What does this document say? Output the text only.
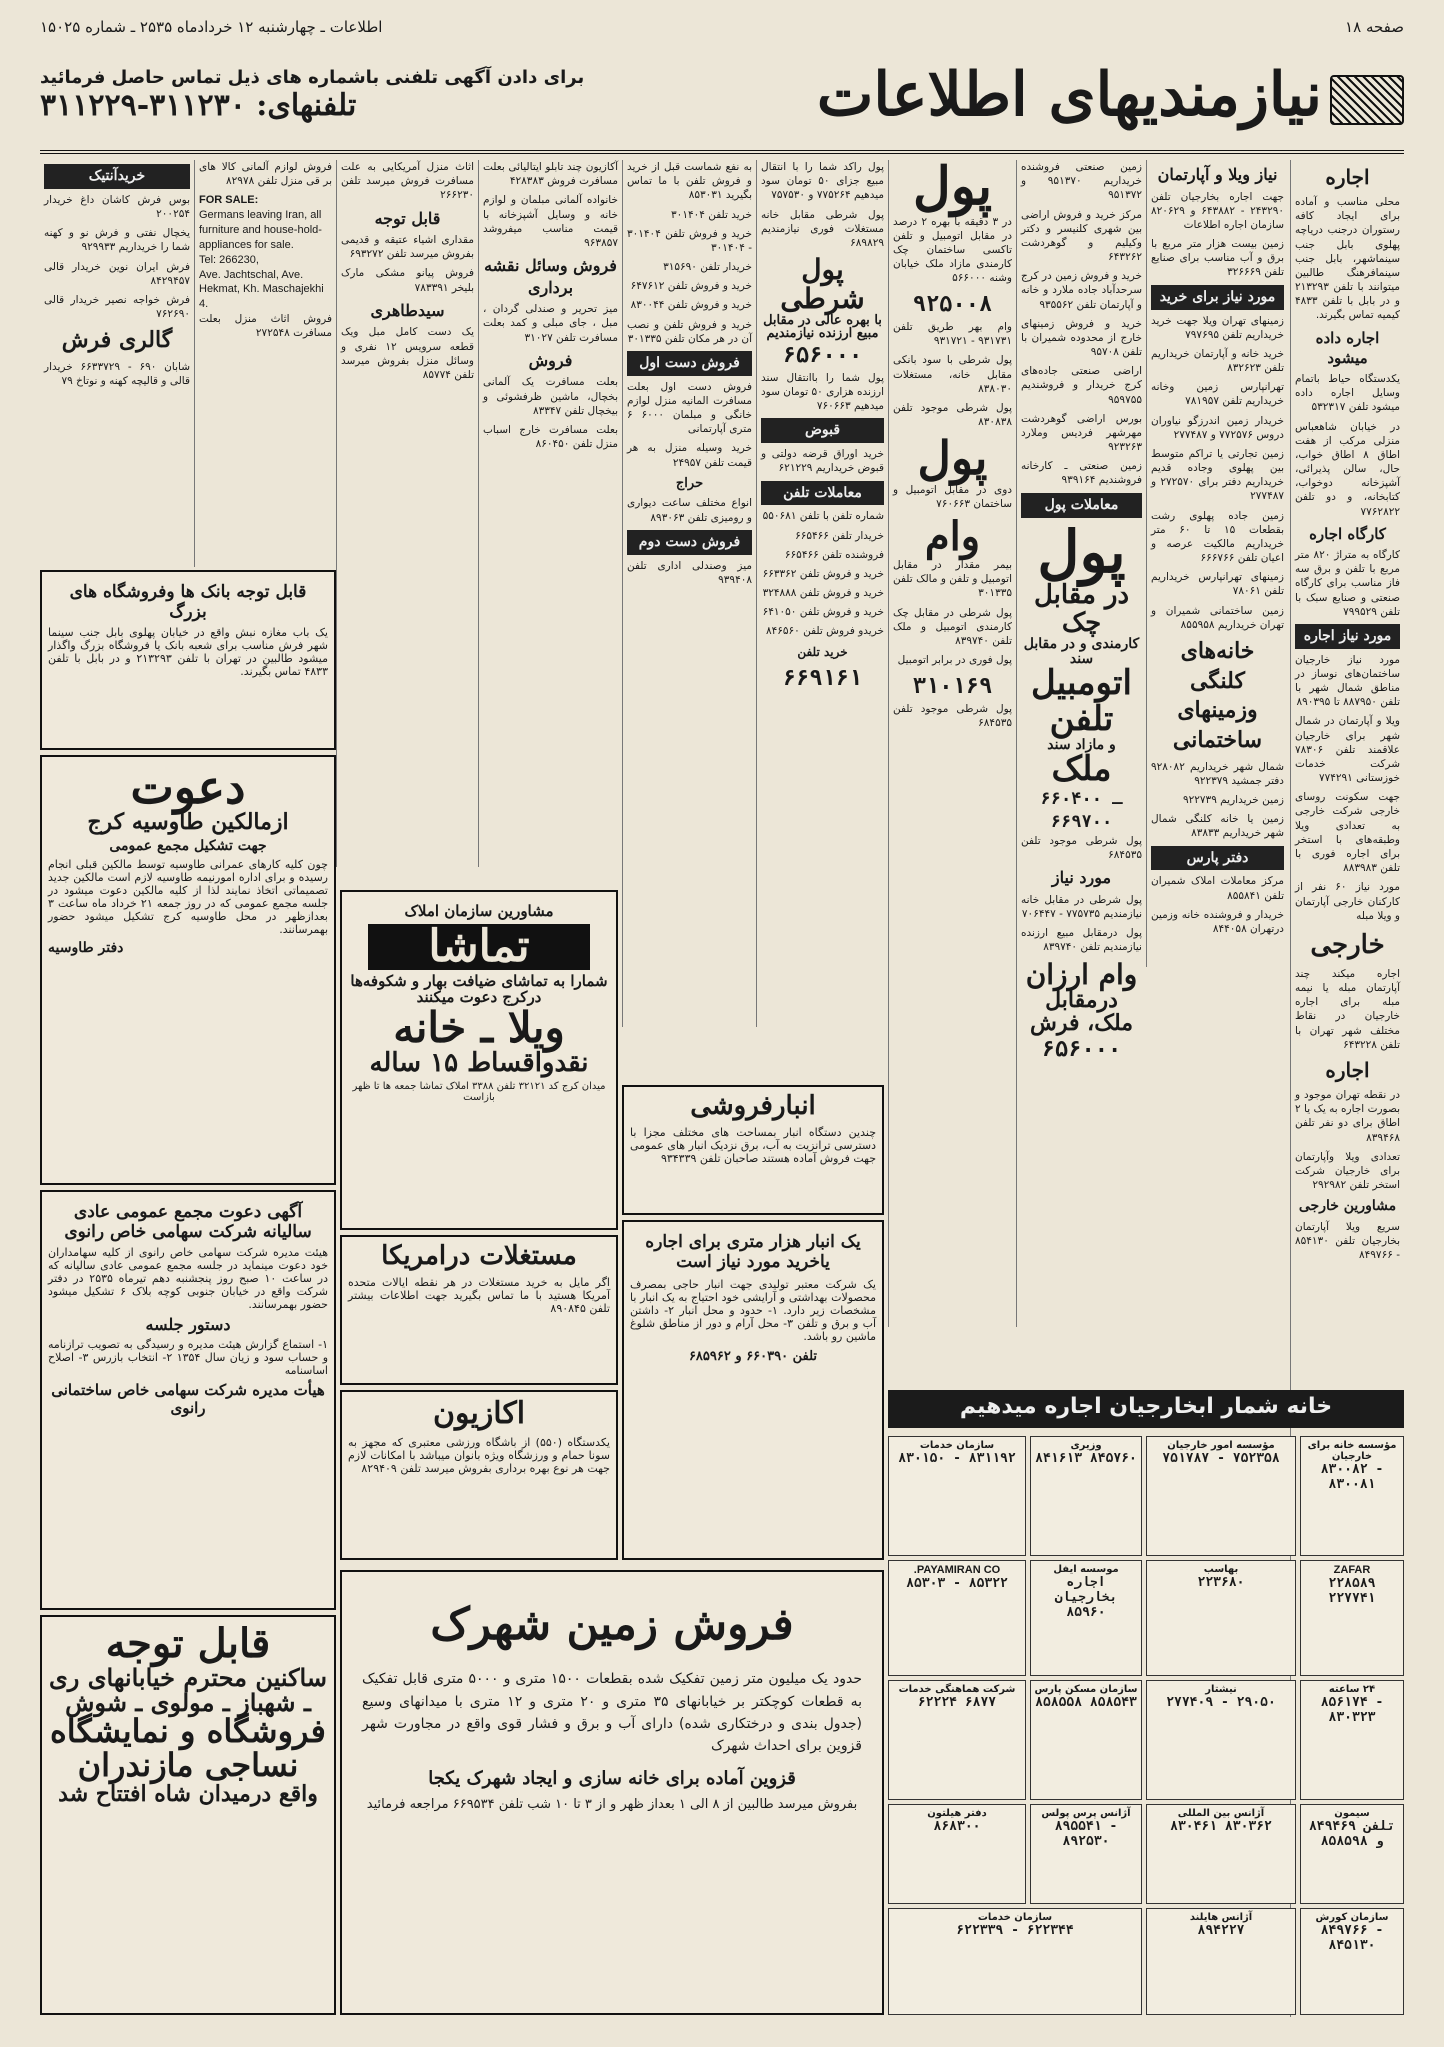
صفحه ۱۸
اطلاعات ـ چهارشنبه ۱۲ خردادماه ۲۵۳۵ ـ شماره ۱۵۰۲۵
نیازمندیهای اطلاعات
برای دادن آگهی تلفنی باشماره های ذیل تماس حاصل فرمائید
تلفنهای: ۳۱۱۲۳۰-۳۱۱۲۲۹
اجاره

محلی مناسب و آماده برای ایجاد کافه رستوران درجنب دریاچه پهلوی بابل جنب سینماشهر، بابل جنب سینمافرهنگ طالبین میتوانند با تلفن ۲۱۳۲۹۳ و در بابل با تلفن ۴۸۳۳ کیمیه تماس بگیرند.

اجاره داده میشود

یکدستگاه حیاط باتمام وسایل اجاره داده میشود تلفن ۵۳۲۳۱۷

در خیابان شاهعباس منزلی مرکب از هفت اطاق ۸ اطاق خواب، حال، سالن پذیرائی، آشپزخانه دوخواب، کتابخانه، و دو تلفن ۷۷۶۲۸۲۲

کارگاه اجاره

کارگاه به متراژ ۸۲۰ متر مربع با تلفن و برق سه فاز مناسب برای کارگاه صنعتی و صنایع سبک با تلفن ۷۹۹۵۲۹

مورد نیاز اجاره

مورد نیاز خارجیان ساختمان‌های نوساز در مناطق شمال شهر با تلفن ۸۸۷۹۵۰ تا ۸۹۰۳۹۵

ویلا و آپارتمان در شمال شهر برای خارجیان علاقمند تلفن ۷۸۳۰۶ شرکت خدمات خوزستانی ۷۷۴۲۹۱

جهت سکونت روسای خارجی شرکت خارجی به تعدادی ویلا وطبقه‌های با استخر برای اجاره فوری با تلفن ۸۸۳۹۸۳

مورد نیاز ۶۰ نفر از کارکنان خارجی آپارتمان و ویلا مبله

خارجی

اجاره میکند چند آپارتمان مبله یا نیمه مبله برای اجاره خارجیان در نقاط مختلف شهر تهران با تلفن ۶۴۳۲۲۸

اجاره

در نقطه تهران موجود و بصورت اجاره به یک یا ۲ اطاق برای دو نفر تلفن ۸۳۹۴۶۸

تعدادی ویلا وآپارتمان برای خارجیان شرکت استخر تلفن ۲۹۲۹۸۲

مشاورین خارجی

سریع ویلا آپارتمان بخارجیان تلفن ۸۵۴۱۳۰ - ۸۴۹۷۶۶

نیاز ویلا و آپارتمان

جهت اجاره بخارجیان تلفن ۲۴۳۲۹۰ - ۶۴۳۸۸۲ و ۸۲۰۶۲۹ سازمان اجاره اطلاعات

زمین بیست هزار متر مربع با برق و آب مناسب برای صنایع تلفن ۳۲۶۶۶۹

مورد نیاز برای خرید

زمینهای تهران ویلا جهت خرید خریداریم تلفن ۷۹۷۶۹۵

خرید خانه و آپارتمان خریداریم تلفن ۸۳۲۶۲۳

تهرانپارس زمین وخانه خریداریم تلفن ۷۸۱۹۵۷

خریدار زمین اندرزگو نیاوران دروس ۷۷۲۵۷۶ و ۲۷۷۴۸۷

زمین تجارتی یا تراکم متوسط بین پهلوی وجاده قدیم خریداریم دفتر برای ۲۷۲۵۷۰ و ۲۷۷۴۸۷

زمین جاده پهلوی رشت بقطعات ۱۵ تا ۶۰ متر خریداریم مالکیت عرصه و اعیان تلفن ۶۶۶۷۶۶

زمینهای تهرانپارس خریداریم تلفن ۷۸۰۶۱

زمین ساختمانی شمیران و تهران خریداریم ۸۵۵۹۵۸

خانه‌های کلنگی وزمینهای ساختمانی

شمال شهر خریداریم ۹۲۸۰۸۲ دفتر جمشید ۹۲۲۳۷۹

زمین خریداریم ۹۲۲۷۳۹

زمین یا خانه کلنگی شمال شهر خریداریم ۸۳۸۳۳

دفتر پارس

مرکز معاملات املاک شمیران تلفن ۸۵۵۸۴۱

خریدار و فروشنده خانه وزمین درتهران ۸۴۴۰۵۸

زمین صنعتی فروشنده خریداریم ۹۵۱۳۷۰ و ۹۵۱۳۷۲

مرکز خرید و فروش اراضی بین شهری کلنیسر و دکتر وکیلیم و گوهردشت ۶۴۳۲۶۲

خرید و فروش زمین در کرج سرحدآباد جاده ملارد و خانه و آپارتمان تلفن ۹۳۵۵۶۲

خرید و فروش زمینهای خارج از محدوده شمیران با تلفن ۹۵۷۰۸

اراضی صنعتی جاده‌های کرج خریدار و فروشندیم ۹۵۹۷۵۵

بورس اراضی گوهردشت مهرشهر فردیس وملارد ۹۲۳۲۶۳

زمین صنعتی ـ کارخانه فروشندیم ۹۳۹۱۶۴

معاملات پول
پول
در مقابل چک
کارمندی و در مقابل سند
اتومبیل
تلفن
و مازاد سند
ملک
۶۶۰۴۰۰ ـ ۶۶۹۷۰۰

پول شرطی موجود تلفن ۶۸۴۵۳۵

مورد نیاز

پول شرطی در مقابل خانه نیازمندیم ۷۷۵۷۳۵ - ۷۰۶۴۴۷

پول درمقابل مبیع ارزنده نیازمندیم تلفن ۸۳۹۷۴۰

وام ارزان
درمقابل
ملک، فرش
۶۵۶۰۰۰
پول

در ۳ دقیقه با بهره ۲ درصد در مقابل اتومبیل و تلفن تاکسی ساختمان چک کارمندی مازاد ملک خیابان وشنه ۵۶۶۰۰۰

۹۲۵۰۰۸

وام بهر طریق تلفن ۹۳۱۷۳۱ - ۹۳۱۷۲۱

پول شرطی با سود بانکی مقابل خانه، مستغلات ۸۳۸۰۳۰

پول شرطی موجود تلفن ۸۳۰۸۳۸

پول

دوی در مقابل اتومبیل و ساختمان ۷۶۰۶۶۳

وام

بیمر مقدار در مقابل اتومبیل و تلفن و مالک تلفن ۳۰۱۳۳۵

پول شرطی در مقابل چک کارمندی اتومبیل و ملک تلفن ۸۳۹۷۴۰

پول فوری در برابر اتومبیل

۳۱۰۱۶۹

پول شرطی موجود تلفن ۶۸۴۵۳۵

پول راکد شما را با انتقال مبیع جزای ۵۰ تومان سود میدهیم ۷۷۵۲۶۴ و ۷۵۷۵۳۰

پول شرطی مقابل خانه مستغلات فوری نیازمندیم ۶۸۹۸۲۹

پول شرطی
با بهره عالی در مقابل مبیع ارزنده نیازمندیم
۶۵۶۰۰۰

پول شما را باانتقال سند ارزنده هزاری ۵۰ تومان سود میدهیم ۷۶۰۶۶۳

قبوض

خرید اوراق قرضه دولتی و قبوض خریداریم ۶۲۱۲۲۹

معاملات تلفن

شماره تلفن با تلفن ۵۵۰۶۸۱

خریدار تلفن ۶۶۵۴۶۶

فروشنده تلفن ۶۶۵۴۶۶

خرید و فروش تلفن ۶۶۳۳۶۲

خرید و فروش تلفن ۳۲۴۸۸۸

خرید و فروش تلفن ۶۴۱۰۵۰

خریدو فروش تلفن ۸۴۶۵۶۰

خرید تلفن
۶۶۹۱۶۱

به نفع شماست قبل از خرید و فروش تلفن با ما تماس بگیرید ۸۵۳۰۳۱

خرید تلفن ۳۰۱۴۰۴

خرید و فروش تلفن ۳۰۱۴۰۴ - ۳۰۱۴۰۴

خریدار تلفن ۳۱۵۶۹۰

خرید و فروش تلفن ۶۴۷۶۱۲

خرید و فروش تلفن ۸۳۰۰۴۴

خرید و فروش تلفن و نصب آن در هر مکان تلفن ۳۰۱۳۳۵

فروش دست اول

فروش دست اول بعلت مسافرت المانیه منزل لوازم خانگی و مبلمان ۶۰۰۰ ۶ متری آپارتمانی

خرید وسیله منزل به هر قیمت تلفن ۲۴۹۵۷

حراج

انواع مختلف ساعت دیواری و رومیزی تلفن ۸۹۳۰۶۳

فروش دست دوم

میز وصندلی اداری تلفن ۹۳۹۴۰۸

آکازیون چند تابلو ایتالیائی بعلت مسافرت فروش ۴۲۸۳۸۳

خانواده آلمانی مبلمان و لوازم خانه و وسایل آشپزخانه با قیمت مناسب میفروشد ۹۶۳۸۵۷

فروش وسائل نقشه برداری

میز تحریر و صندلی گردان ، مبل ، جای مبلی و کمد بعلت مسافرت تلفن ۳۱۰۲۷

فروش

بعلت مسافرت یک آلمانی بخچال، ماشین ظرفشوئی و بیخچال تلفن ۸۳۳۴۷

بعلت مسافرت خارج اسباب منزل تلفن ۸۶۰۴۵۰

اثاث منزل آمریکایی به علت مسافرت فروش میرسد تلفن ۲۶۶۲۳۰

قابل توجه

مقداری اشیاء عتیقه و قدیمی بفروش میرسد تلفن ۶۹۳۲۷۲

فروش پیانو مشکی مارک بلیخر ۷۸۳۳۹۱

سیدطاهری

یک دست کامل مبل ویک قطعه سرویس ۱۲ نفری و وسائل منزل بفروش میرسد تلفن ۸۵۷۷۴

فروش لوازم آلمانی کالا های بر قی منزل تلفن ۸۲۹۷۸

FOR SALE:
Germans leaving Iran, all furniture and house-hold-appliances for sale.
Tel: 266230,
Ave. Jachtschal, Ave. Hekmat, Kh. Maschajekhi 4.

فروش اثاث منزل بعلت مسافرت ۲۷۲۵۴۸

خریدآنتیک

بوس فرش کاشان داغ خریدار ۲۰۰۲۵۴

یخچال نفتی و فرش نو و کهنه شما را خریداریم ۹۲۹۹۳۳

فرش ایران نوین خریدار قالی ۸۴۲۹۴۵۷

فرش خواجه نصیر خریدار قالی ۷۶۲۶۹۰

گالری فرش

شابان ۶۹۰ - ۶۶۳۳۷۲۹ خریدار قالی و قالیچه کهنه و نوتاخ ۷۹

قابل توجه بانک ها وفروشگاه های بزرگ

یک باب مغازه نبش واقع در خیابان پهلوی بابل جنب سینما شهر فرش مناسب برای شعبه بانک یا فروشگاه بزرگ واگذار میشود طالبین در تهران با تلفن ۲۱۳۲۹۳ و در بابل با تلفن ۴۸۳۳ تماس بگیرند.

دعوت
ازمالکین طاوسیه کرج
جهت تشکیل مجمع عمومی

چون کلیه کارهای عمرانی طاوسیه توسط مالکین قبلی انجام رسیده و برای اداره امورنیمه طاوسیه لازم است مالکین جدید تصمیماتی اتخاذ نمایند لذا از کلیه مالکین دعوت میشود در جلسه مجمع عمومی که در روز جمعه ۲۱ خرداد ماه ساعت ۳ بعدازظهر در محل طاوسیه کرج تشکیل میشود حضور بهمرسانند.

دفتر طاوسیه
آگهی دعوت مجمع عمومی عادی سالیانه شرکت سهامی خاص رانوی

هیئت مدیره شرکت سهامی خاص رانوی از کلیه سهامداران خود دعوت مینماید در جلسه مجمع عمومی عادی سالیانه که در ساعت ۱۰ صبح روز پنجشنبه دهم تیرماه ۲۵۳۵ در دفتر شرکت واقع در خیابان جنوبی کوچه بلاک ۶ تشکیل میشود حضور بهمرسانند.

دستور جلسه

۱- استماع گزارش هیئت مدیره و رسیدگی به تصویب ترازنامه و حساب سود و زیان سال ۱۳۵۴ ۲- انتخاب بازرس ۳- اصلاح اساسنامه

هیأت مدیره شرکت سهامی خاص ساختمانی رانوی
قابل توجه
ساکنین محترم خیابانهای ری ـ شهباز ـ مولوی ـ شوش
فروشگاه و نمایشگاه
نساجی مازندران
واقع درمیدان شاه افتتاح شد
مشاورین سازمان املاک
تماشا
شمارا به تماشای ضیافت بهار و شکوفه‌ها درکرج دعوت میکنند
ویلا ـ خانه
نقدواقساط ۱۵ ساله

میدان کرج کد ۳۲۱۲۱ تلفن ۳۳۸۸ املاک تماشا جمعه ها تا ظهر بازاست

مستغلات درامریکا

اگر مایل به خرید مستغلات در هر نقطه ایالات متحده آمریکا هستید با ما تماس بگیرید جهت اطلاعات بیشتر تلفن ۸۹۰۸۴۵

اکازیون

یکدستگاه (۵۵۰) از باشگاه ورزشی معتبری که مجهز به سونا حمام و ورزشگاه ویژه بانوان میباشد با امکانات لازم جهت هر نوع بهره برداری بفروش میرسد تلفن ۸۲۹۴۰۹

انبارفروشی

چندین دستگاه انبار بمساحت های مختلف مجزا با دسترسی ترانزیت به آب، برق نزدیک انبار های عمومی جهت فروش آماده هستند صاحبان تلفن ۹۳۴۳۳۹

یک انبار هزار متری برای اجاره یاخرید مورد نیاز است

یک شرکت معتبر تولیدی جهت انبار حاجی بمصرف محصولات بهداشتی و آرایشی خود احتیاج به یک انبار با مشخصات زیر دارد. ۱- حدود و محل انبار ۲- داشتن آب و برق و تلفن ۳- محل آرام و دور از مناطق شلوغ ماشین رو باشد.

تلفن ۶۶۰۳۹۰ و ۶۸۵۹۶۲
فروش زمین شهرک

حدود یک میلیون متر زمین تفکیک شده بقطعات ۱۵۰۰ متری و ۵۰۰۰ متری قابل تفکیک به قطعات کوچکتر بر خیابانهای ۳۵ متری و ۲۰ متری و ۱۲ متری با میدانهای وسیع (جدول بندی و درختکاری شده) دارای آب و برق و فشار قوی واقع در مجاورت شهر قزوین برای احداث شهرک

قزوین آماده برای خانه سازی و ایجاد شهرک یکجا

بفروش میرسد طالبین از ۸ الی ۱ بعداز ظهر و از ۳ تا ۱۰ شب تلفن ۶۶۹۵۳۴ مراجعه فرمائید

خانه شمار ابخارجیان اجاره میدهیم
مؤسسه خانه برای خارجیان
۸۳۰۰۸۲ - ۸۳۰۰۸۱
مؤسسه امور خارجیان
۷۵۱۷۸۷ - ۷۵۲۳۵۸
وزیری
۸۴۱۶۱۳ ۸۴۵۷۶۰
سازمان خدمات
۸۳۰۱۵۰ - ۸۳۱۱۹۲
ZAFAR
۲۲۸۵۸۹ ۲۲۷۷۴۱
بهاسب
۲۲۳۶۸۰
موسسه ایفل
اجاره بخارجیان ۸۵۹۶۰
PAYAMIRAN CO.
۸۵۳۰۳ - ۸۵۳۲۲
۲۴ ساعته
۸۵۶۱۷۴ - ۸۳۰۳۲۳
نیشتار
۲۷۷۴۰۹ - ۲۹۰۵۰
سازمان مسکن پارس
۸۵۸۵۵۸ ۸۵۸۵۴۳
شرکت هماهنگی خدمات
۶۲۲۲۴ ۶۸۷۷
سیمون
تلفن ۸۴۹۴۶۹ و ۸۵۸۵۹۸
آژانس بین المللی
۸۳۰۴۶۱ ۸۳۰۳۶۲
آژانس پرس پولس
۸۹۵۵۴۱ - ۸۹۲۵۳۰
دفتر هیلتون
۸۶۸۳۰۰
سازمان کورش
۸۴۹۷۶۶ - ۸۴۵۱۳۰
آژانس هایلند
۸۹۴۲۲۷
سازمان خدمات
۶۲۲۳۳۹ - ۶۲۲۳۴۴
